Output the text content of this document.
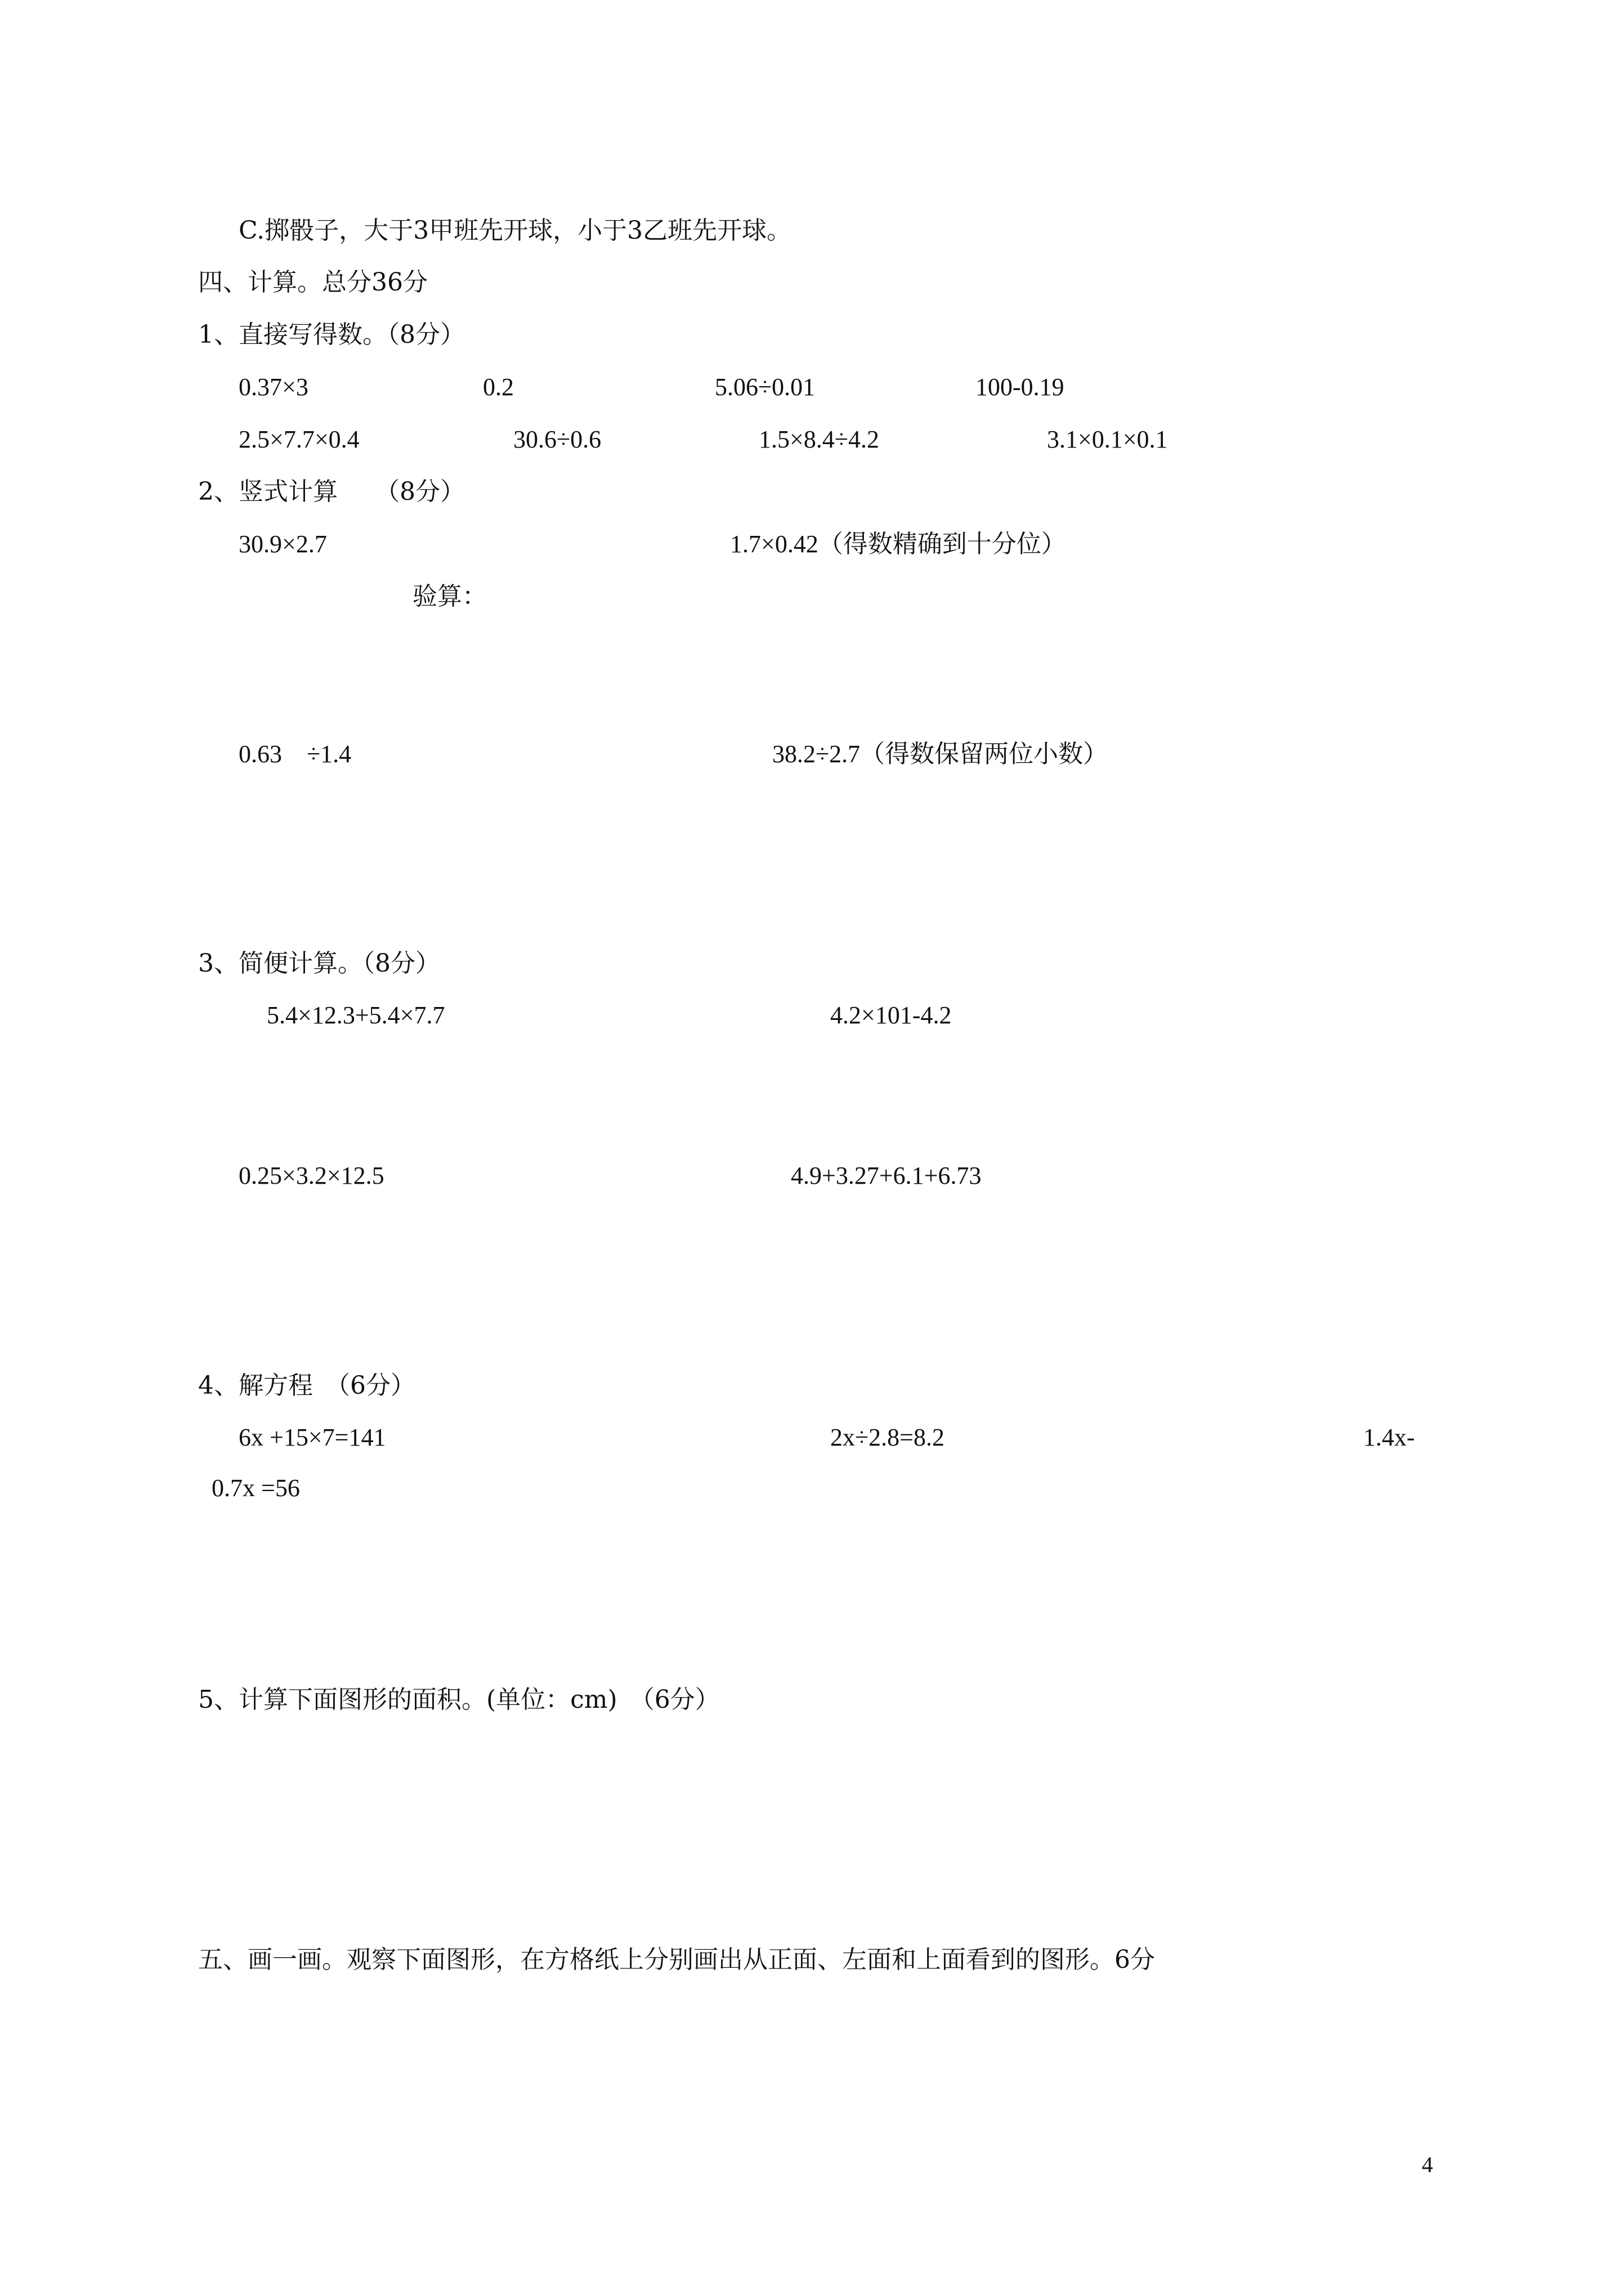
C.掷骰子，大于3甲班先开球，小于3乙班先开球。
四、计算。总分36分
1、直接写得数。（8分）
0.37×3	0.2	5.06÷0.01	100-0.19
2.5×7.7×0.4	30.6÷0.6	1.5×8.4÷4.2	3.1×0.1×0.1
2、竖式计算　　（8分）
30.9×2.7	1.7×0.42（得数精确到十分位）
验算：
0.63　÷1.4	38.2÷2.7（得数保留两位小数）
3、简便计算。（8分）
5.4×12.3+5.4×7.7	4.2×101-4.2
0.25×3.2×12.5	4.9+3.27+6.1+6.73
4、解方程　（6分）
6x +15×7=141	2x÷2.8=8.2	1.4x-
0.7x =56
5、计算下面图形的面积。(单位：cm)　（6分）
五、画一画。观察下面图形，在方格纸上分别画出从正面、左面和上面看到的图形。6分
4
